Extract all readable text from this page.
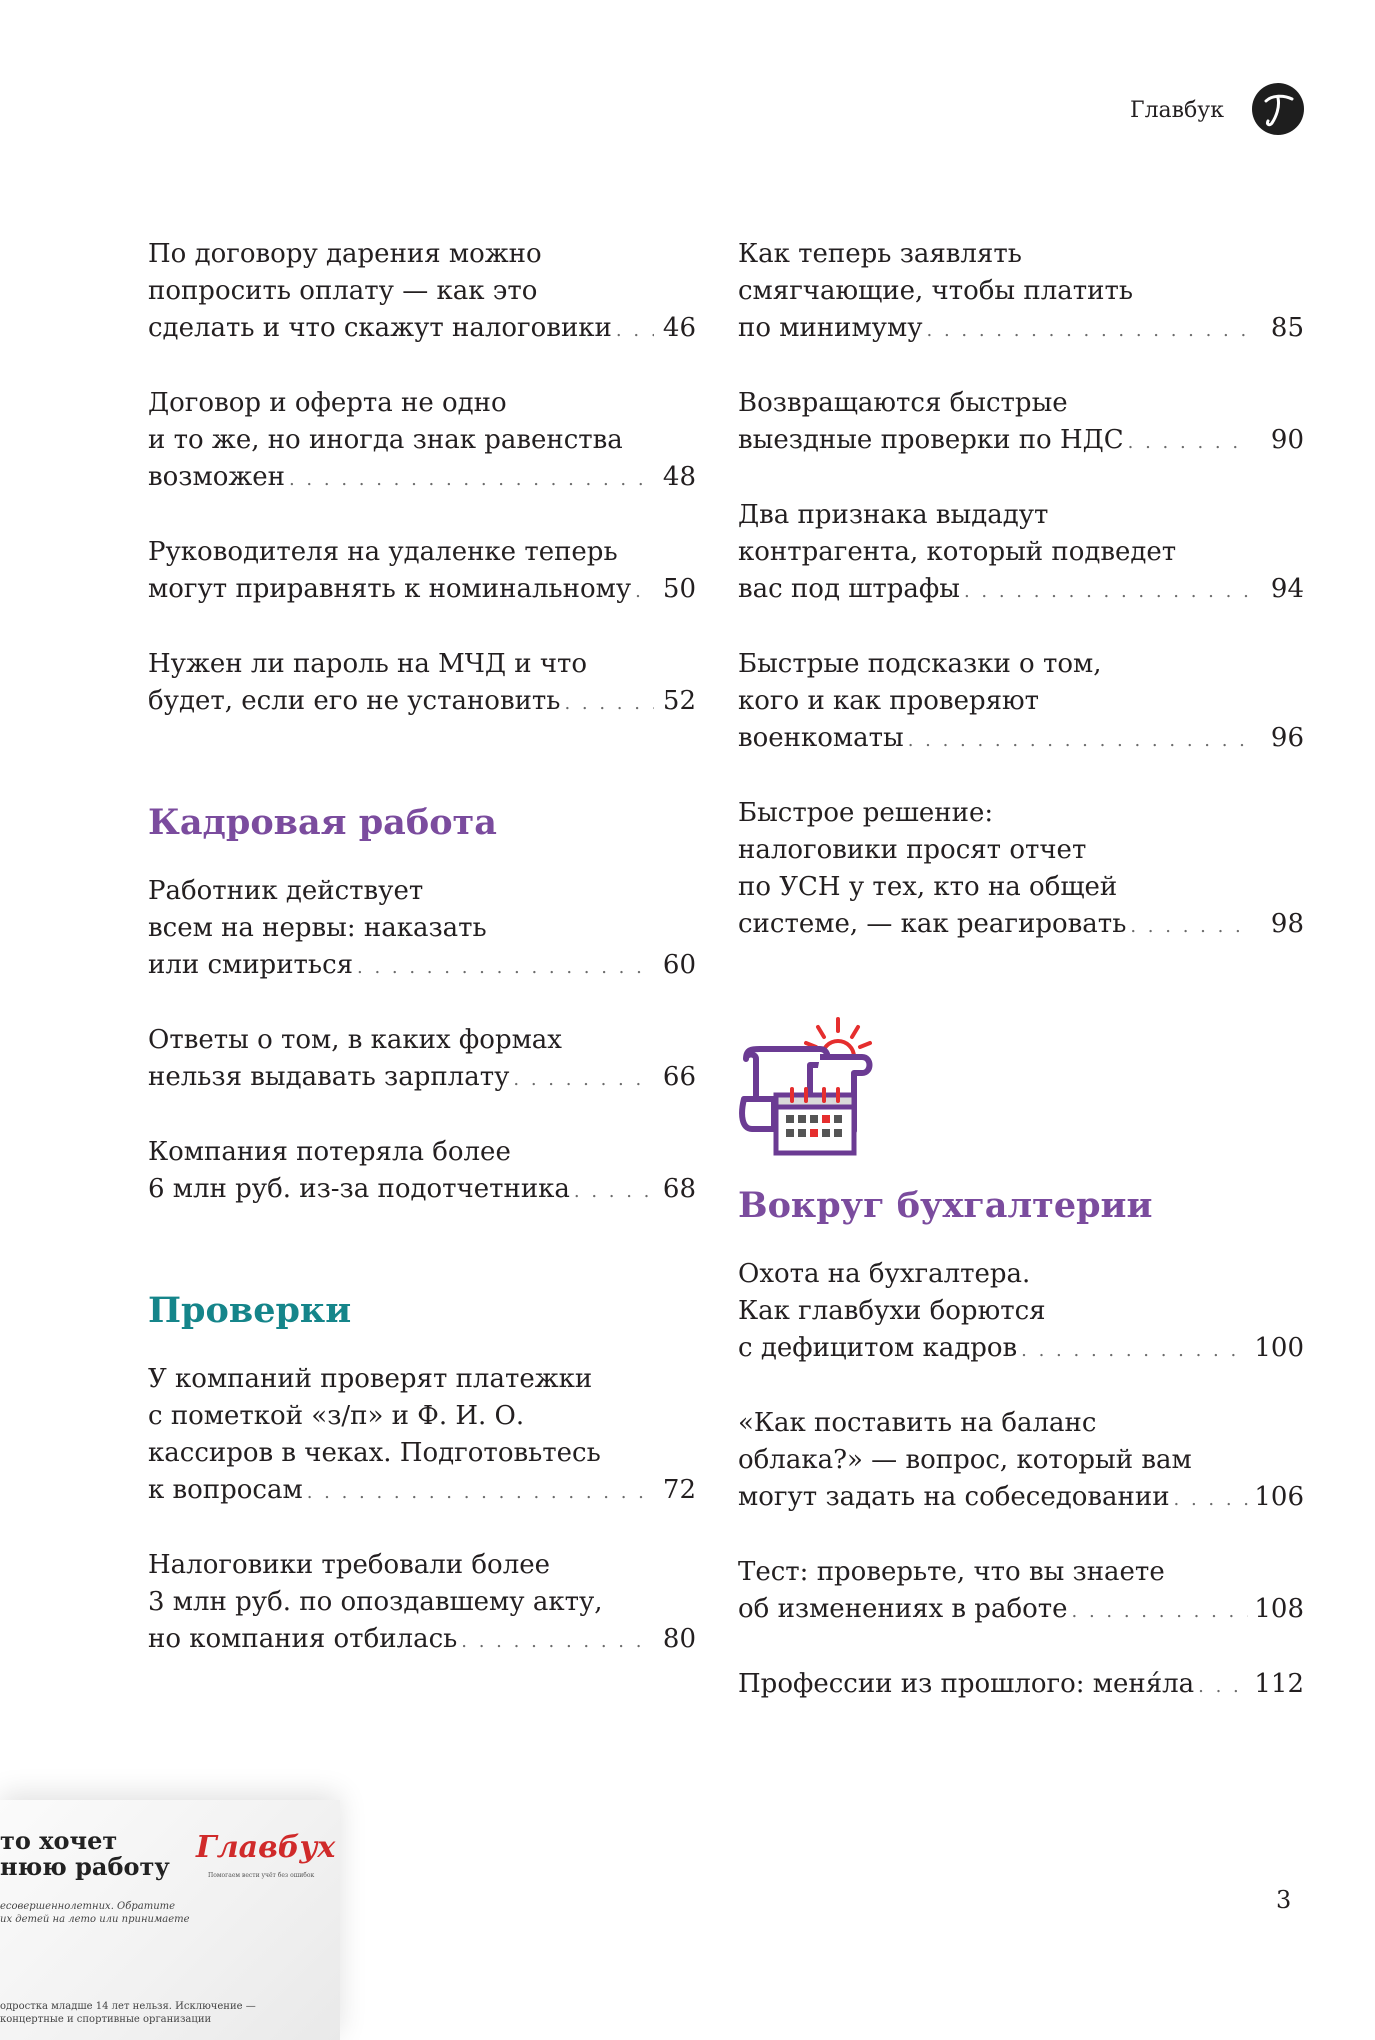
Главбук
По договору дарения можно
попросить оплату — как это
сделать и что скажут налоговики . . . 46
Договор и оферта не одно
и то же, но иногда знак равенства
возможен . . .	48
Руководителя на удаленке теперь
могут приравнять к номинальному . . . 50
Нужен ли пароль на МЧД и что
будет, если его не установить . . .	52
Кадровая работа
Работник действует
всем на нервы: наказать
или смириться . . .	60
Ответы о том, в каких формах
нельзя выдавать зарплату . . .	66
Компания потеряла более
6 млн руб. из-за подотчетника . . .	68
Проверки
У компаний проверят платежки
с пометкой «з/п» и Ф. И. О.
кассиров в чеках. Подготовьтесь
к вопросам . . .	72
Налоговики требовали более
3 млн руб. по опоздавшему акту,
но компания отбилась . . .	80
Как теперь заявлять
смягчающие, чтобы платить
по минимуму . . .	85
Возвращаются быстрые
выездные проверки по НДС . . .	90
Два признака выдадут
контрагента, который подведет
вас под штрафы . . .	94
Быстрые подсказки о том,
кого и как проверяют
военкоматы . . .	96
Быстрое решение:
налоговики просят отчет
по УСН у тех, кто на общей
системе, — как реагировать . . .	98
Вокруг бухгалтерии
Охота на бухгалтера.
Как главбухи борются
с дефицитом кадров . . .	100
«Как поставить на баланс
облака?» — вопрос, который вам
могут задать на собеседовании . . .	106
Тест: проверьте, что вы знаете
об изменениях в работе . . .	108
Профессии из прошлого: меня́ла . . . 112
3
то хочет
нюю работу
Главбух
Помогаем вести учёт без ошибок
есовершеннолетних. Обратите
их детей на лето или принимаете
одростка младше 14 лет нельзя. Исключение —
концертные и спортивные организации
